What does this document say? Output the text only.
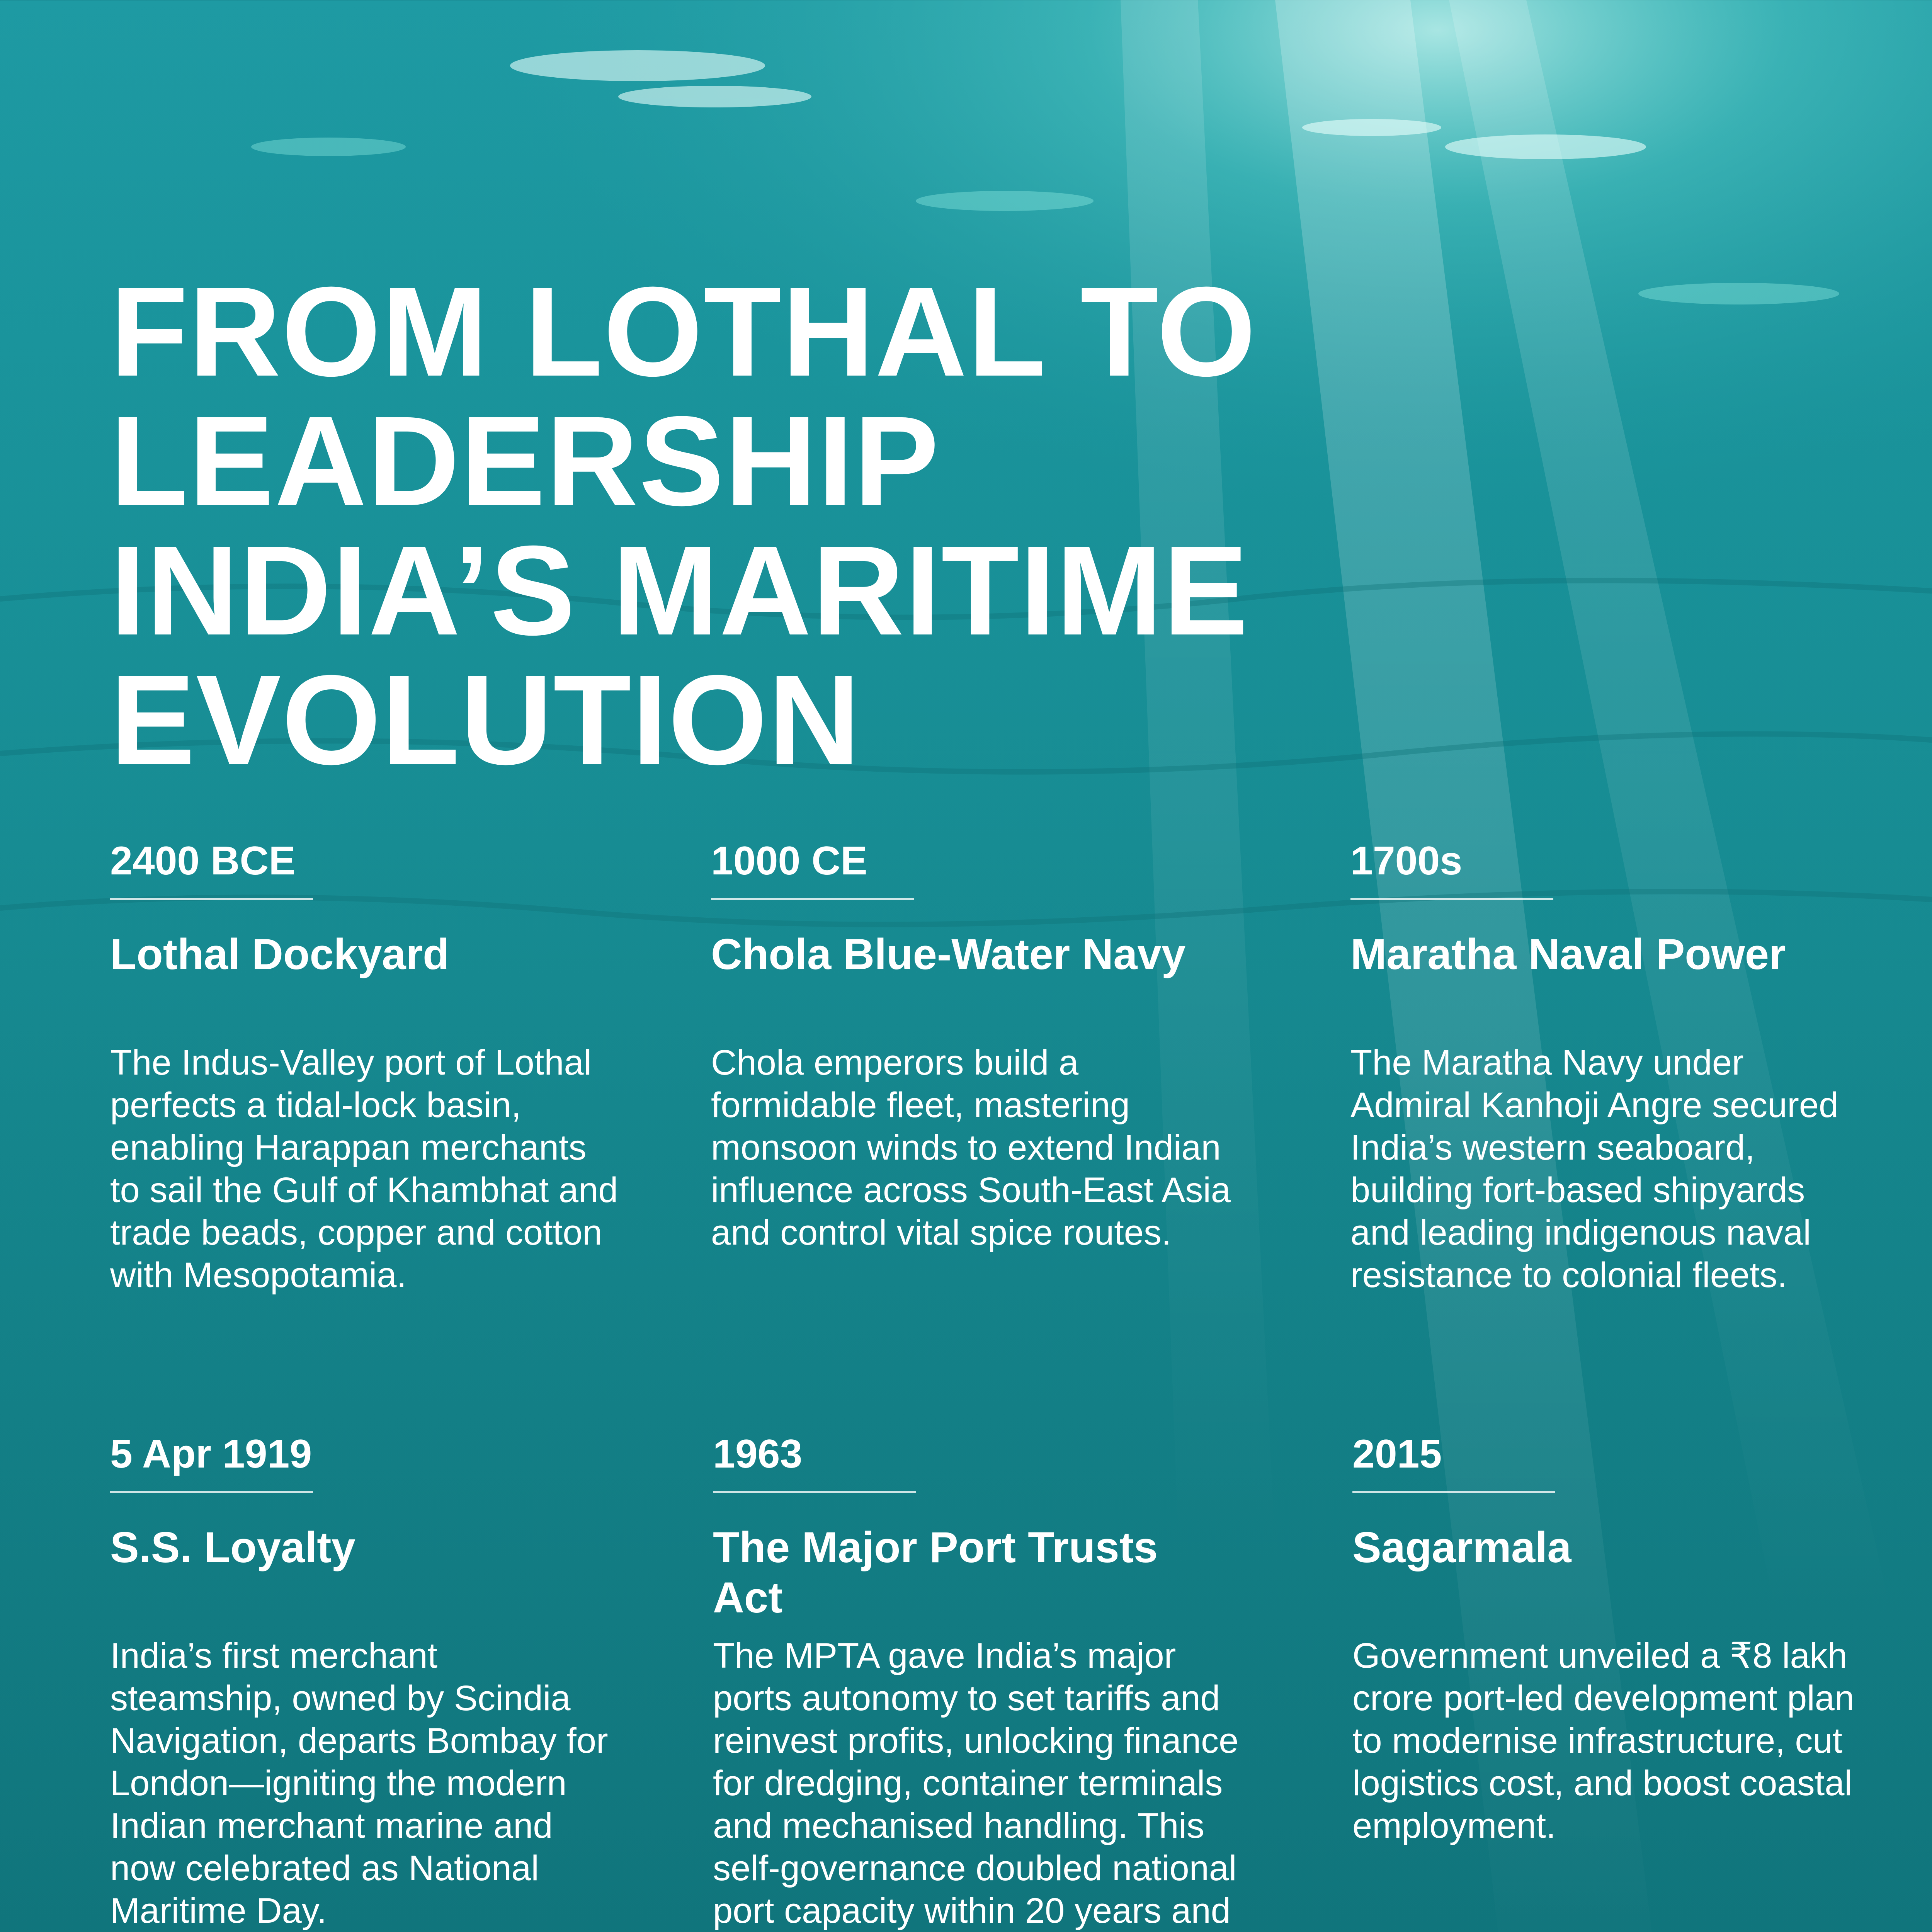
FROM LOTHAL TO
LEADERSHIP
INDIA’S MARITIME
EVOLUTION
2400 BCE
Lothal Dockyard
The Indus-Valley port of Lothal perfects a tidal-lock basin, enabling Harappan merchants to sail the Gulf of Khambhat and trade beads, copper and cotton with Mesopotamia.
1000 CE
Chola Blue-Water Navy
Chola emperors build a formidable fleet, mastering monsoon winds to extend Indian influence across South-East Asia and control vital spice routes.
1700s
Maratha Naval Power
The Maratha Navy under Admiral Kanhoji Angre secured India’s western seaboard, building fort-based shipyards and leading indigenous naval resistance to colonial fleets.
5 Apr 1919
S.S. Loyalty
India’s first merchant steamship, owned by Scindia Navigation, departs Bombay for London—igniting the modern Indian merchant marine and now celebrated as National Maritime Day.
1963
The Major Port Trusts Act
The MPTA gave India’s major ports autonomy to set tariffs and reinvest profits, unlocking finance for dredging, container terminals and mechanised handling. This self-governance doubled national port capacity within 20 years and
2015
Sagarmala
Government unveiled a ₹8 lakh crore port-led development plan to modernise infrastructure, cut logistics cost, and boost coastal employment.
